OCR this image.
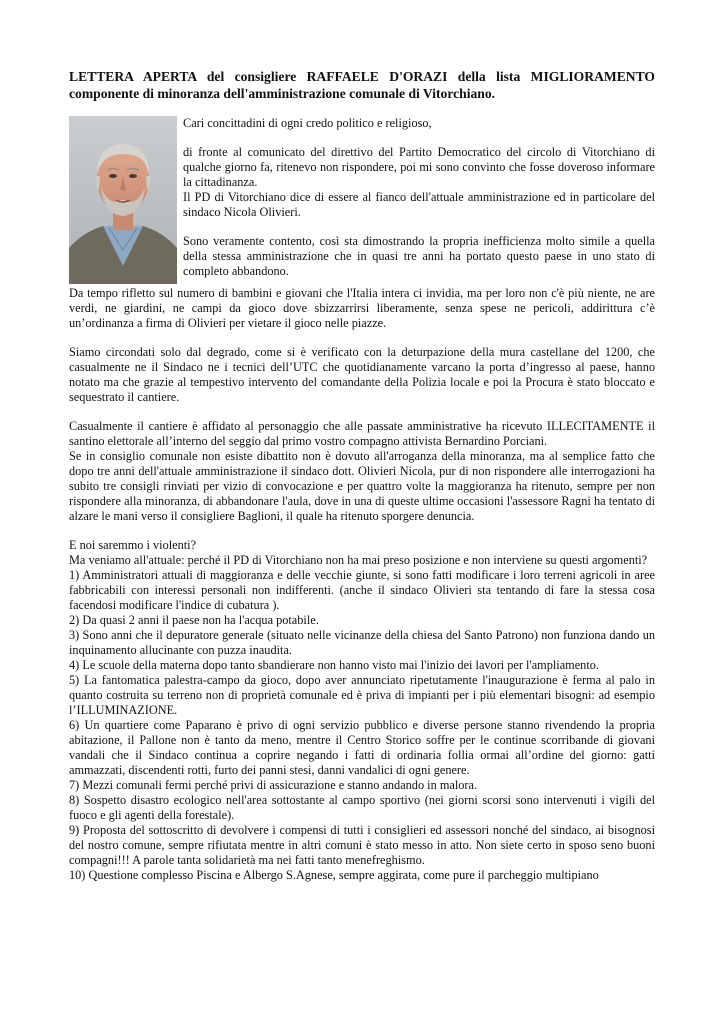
LETTERA APERTA del consigliere RAFFAELE D'ORAZI della lista MIGLIORAMENTO componente di minoranza dell'amministrazione comunale di Vitorchiano.

Cari concittadini di ogni credo politico e religioso,

di fronte al comunicato del direttivo del Partito Democratico del circolo di Vitorchiano di qualche giorno fa, ritenevo non rispondere, poi mi sono convinto che fosse doveroso informare la cittadinanza.

Il PD di Vitorchiano dice di essere al fianco dell'attuale amministrazione ed in particolare del sindaco Nicola Olivieri.

Sono veramente contento, così sta dimostrando la propria inefficienza molto simile a quella della stessa amministrazione che in quasi tre anni ha portato questo paese in uno stato di completo abbandono.

Da tempo rifletto sul numero di bambini e giovani che l'Italia intera ci invidia, ma per loro non c'è più niente, ne are verdi, ne giardini, ne campi da gioco dove sbizzarrirsi liberamente, senza spese ne pericoli, addirittura c’è un’ordinanza a firma di Olivieri per vietare il gioco nelle piazze.

Siamo circondati solo dal degrado, come si è verificato con la deturpazione della mura castellane del 1200, che casualmente ne il Sindaco ne i tecnici dell’UTC che quotidianamente varcano la porta d’ingresso al paese, hanno notato ma che grazie al tempestivo intervento del comandante della Polizia locale e poi la Procura è stato bloccato e sequestrato il cantiere.

Casualmente il cantiere è affidato al personaggio che alle passate amministrative ha ricevuto ILLECITAMENTE il santino elettorale all’interno del seggio dal primo vostro compagno attivista Bernardino Porciani.

Se in consiglio comunale non esiste dibattito non è dovuto all'arroganza della minoranza, ma al semplice fatto che dopo tre anni dell'attuale amministrazione il sindaco dott. Olivieri Nicola, pur di non rispondere alle interrogazioni ha subito tre consigli rinviati per vizio di convocazione e per quattro volte la maggioranza ha ritenuto, sempre per non rispondere alla minoranza, di abbandonare l'aula, dove in una di queste ultime occasioni l'assessore Ragni ha tentato di alzare le mani verso il consigliere Baglioni, il quale ha ritenuto sporgere denuncia.

E noi saremmo i violenti?

Ma veniamo all'attuale: perché il PD di Vitorchiano non ha mai preso posizione e non interviene su questi argomenti?

1) Amministratori attuali di maggioranza e delle vecchie giunte, si sono fatti modificare i loro terreni agricoli in aree fabbricabili con interessi personali non indifferenti. (anche il sindaco Olivieri sta tentando di fare la stessa cosa facendosi modificare l'indice di cubatura ).

2) Da quasi 2 anni il paese non ha l'acqua potabile.

3) Sono anni che il depuratore generale (situato nelle vicinanze della chiesa del Santo Patrono) non funziona dando un inquinamento allucinante con puzza inaudita.

4) Le scuole della materna dopo tanto sbandierare non hanno visto mai l'inizio dei lavori per l'ampliamento.

5) La fantomatica palestra-campo da gioco, dopo aver annunciato ripetutamente l'inaugurazione è ferma al palo in quanto costruita su terreno non di proprietà comunale ed è priva di impianti per i più elementari bisogni: ad esempio l’ILLUMINAZIONE.

6) Un quartiere come Paparano è privo di ogni servizio pubblico e diverse persone stanno rivendendo la propria abitazione, il Pallone non è tanto da meno, mentre il Centro Storico soffre per le continue scorribande di giovani vandali che il Sindaco continua a coprire negando i fatti di ordinaria follia ormai all’ordine del giorno: gatti ammazzati, discendenti rotti, furto dei panni stesi, danni vandalici di ogni genere.

7) Mezzi comunali fermi perché privi di assicurazione e stanno andando in malora.

8) Sospetto disastro ecologico nell'area sottostante al campo sportivo (nei giorni scorsi sono intervenuti i vigili del fuoco e gli agenti della forestale).

9) Proposta del sottoscritto di devolvere i compensi di tutti i consiglieri ed assessori nonché del sindaco, ai bisognosi del nostro comune, sempre rifiutata mentre in altri comuni è stato messo in atto. Non siete certo in sposo seno buoni compagni!!! A parole tanta solidarietà ma nei fatti tanto menefreghismo.

10) Questione complesso Piscina e Albergo S.Agnese, sempre aggirata, come pure il parcheggio multipiano
